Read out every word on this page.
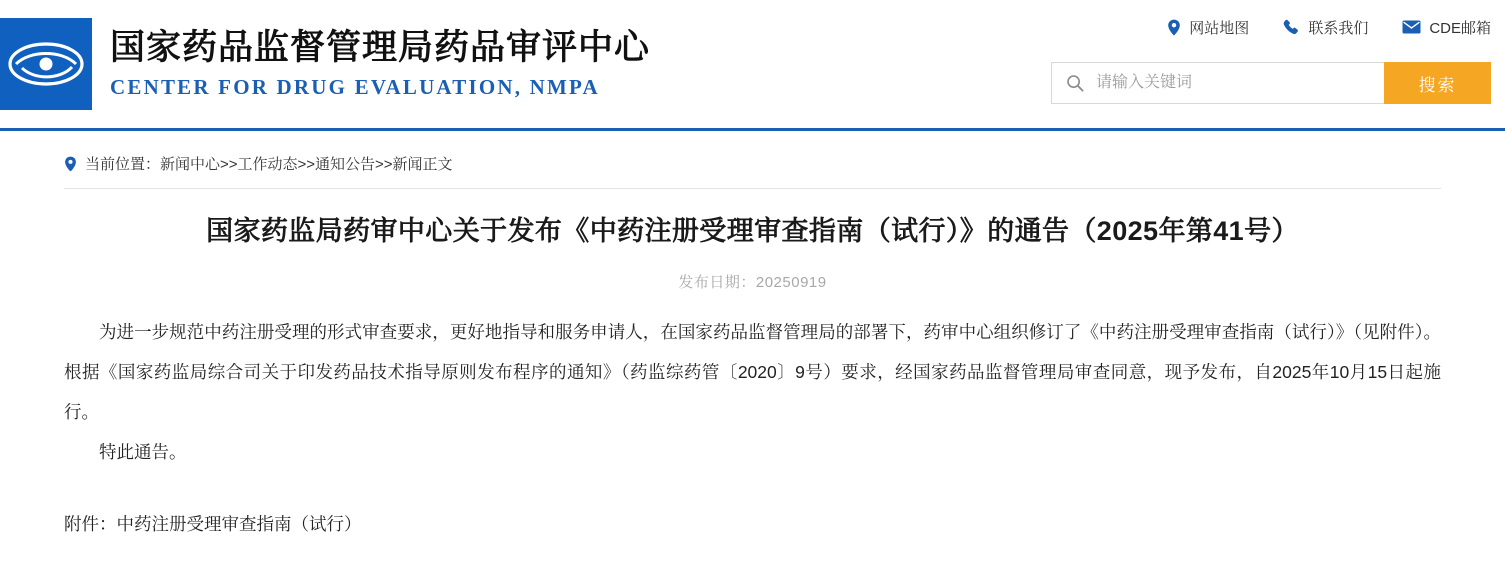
国家药品监督管理局药品审评中心
CENTER FOR DRUG EVALUATION, NMPA
网站地图	联系我们	CDE邮箱
请输入关键词
搜索
当前位置：新闻中心>>工作动态>>通知公告>>新闻正文
国家药监局药审中心关于发布《中药注册受理审查指南（试行）》的通告（2025年第41号）
发布日期：20250919

为进一步规范中药注册受理的形式审查要求，更好地指导和服务申请人，在国家药品监督管理局的部署下，药审中心组织修订了《中药注册受理审查指南（试行）》（见附件）。根据《国家药监局综合司关于印发药品技术指导原则发布程序的通知》（药监综药管〔2020〕9号）要求，经国家药品监督管理局审查同意，现予发布，自2025年10月15日起施行。

特此通告。

附件：中药注册受理审查指南（试行）
